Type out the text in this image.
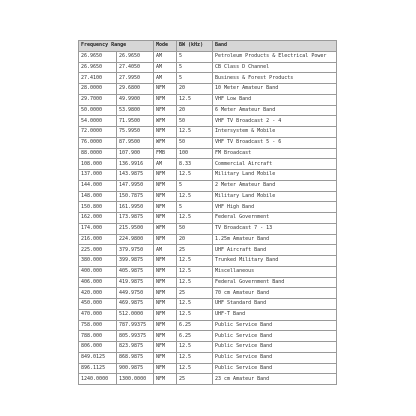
Frequency Range		Mode	BW (kHz)	Band
26.9650	26.9650	AM	5	Petroleum Products & Electrical Power
26.9650	27.4050	AM	5	CB Class D Channel
27.4100	27.9950	AM	5	Business & Forest Products
28.0000	29.6800	NFM	20	10 Meter Amateur Band
29.7000	49.9900	NFM	12.5	VHF Low Band
50.0000	53.9800	NFM	20	6 Meter Amateur Band
54.0000	71.9500	WFM	50	VHF TV Broadcast 2 - 4
72.0000	75.9950	NFM	12.5	Intersystem & Mobile
76.0000	87.9500	WFM	50	VHF TV Broadcast 5 - 6
88.0000	107.900	FMB	100	FM Broadcast
108.000	136.9916	AM	8.33	Commercial Aircraft
137.000	143.9875	NFM	12.5	Military Land Mobile
144.000	147.9950	NFM	5	2 Meter Amateur Band
148.000	150.7875	NFM	12.5	Military Land Mobile
150.800	161.9950	NFM	5	VHF High Band
162.000	173.9875	NFM	12.5	Federal Government
174.000	215.9500	WFM	50	TV Broadcast 7 - 13
216.000	224.9800	NFM	20	1.25m Amateur Band
225.000	379.9750	AM	25	UHF Aircraft Band
380.000	399.9875	NFM	12.5	Trunked Military Band
400.000	405.9875	NFM	12.5	Miscellaneous
406.000	419.9875	NFM	12.5	Federal Government Band
420.000	449.9750	NFM	25	70 cm Amateur Band
450.000	469.9875	NFM	12.5	UHF Standard Band
470.000	512.0000	NFM	12.5	UHF-T Band
758.000	787.99375	NFM	6.25	Public Service Band
788.000	805.99375	NFM	6.25	Public Service Band
806.000	823.9875	NFM	12.5	Public Service Band
849.0125	868.9875	NFM	12.5	Public Service Band
896.1125	900.9875	NFM	12.5	Public Service Band
1240.0000	1300.0000	NFM	25	23 cm Amateur Band
